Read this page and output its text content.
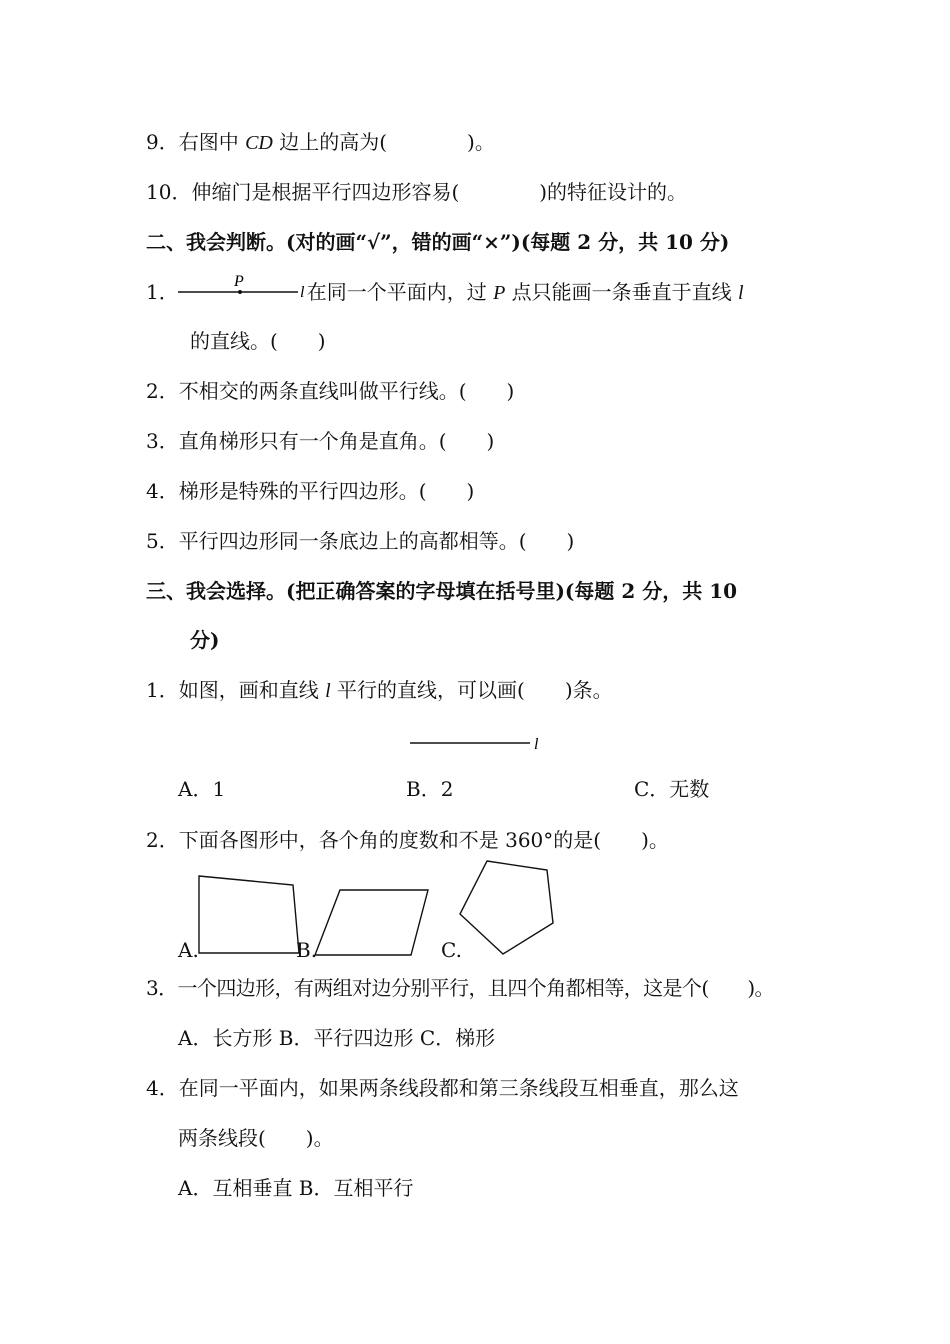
9．右图中 CD 边上的高为(　　　　)。
10．伸缩门是根据平行四边形容易(　　　　)的特征设计的。
二、我会判断。(对的画“√”，错的画“×”)(每题 2 分，共 10 分)
1．	在同一个平面内，过 P 点只能画一条垂直于直线 l
P
l
的直线。(　　)
2．不相交的两条直线叫做平行线。(　　)
3．直角梯形只有一个角是直角。(　　)
4．梯形是特殊的平行四边形。(　　)
5．平行四边形同一条底边上的高都相等。(　　)
三、我会选择。(把正确答案的字母填在括号里)(每题 2 分，共 10
分)
1．如图，画和直线 l 平行的直线，可以画(　　)条。
l
A．1	B．2	C．无数
2．下面各图形中，各个角的度数和不是 360°的是(　　)。
A.	B.	C.
3．一个四边形，有两组对边分别平行，且四个角都相等，这是个(　　)。
A．长方形 B．平行四边形 C．梯形
4．在同一平面内，如果两条线段都和第三条线段互相垂直，那么这
两条线段(　　)。
A．互相垂直 B．互相平行
